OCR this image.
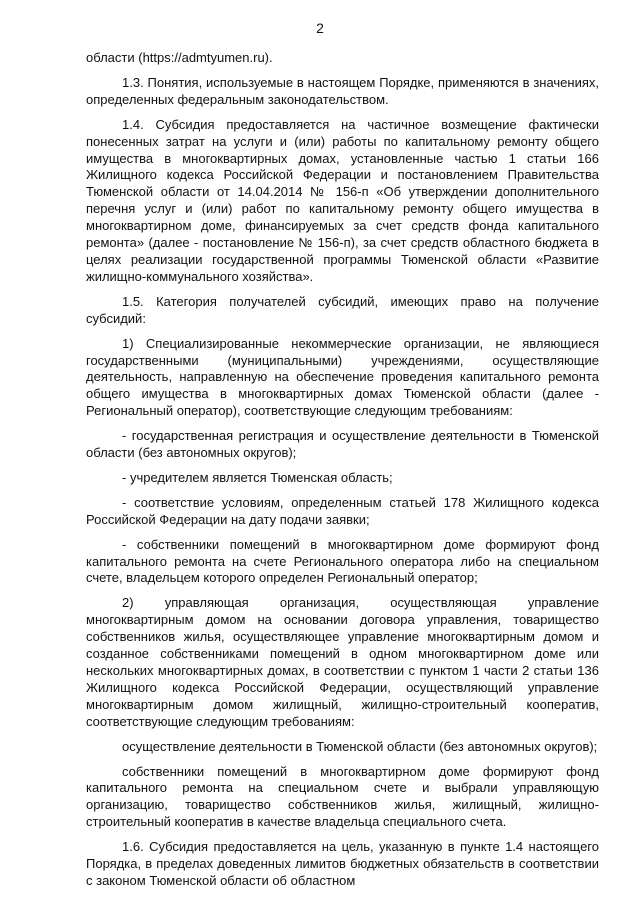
2

области (https://admtyumen.ru).

1.3. Понятия, используемые в настоящем Порядке, применяются в значениях, определенных федеральным законодательством.

1.4. Субсидия предоставляется на частичное возмещение фактически понесенных затрат на услуги и (или) работы по капитальному ремонту общего имущества в многоквартирных домах, установленные частью 1 статьи 166 Жилищного кодекса Российской Федерации и постановлением Правительства Тюменской области от 14.04.2014 № 156-п «Об утверждении дополнительного перечня услуг и (или) работ по капитальному ремонту общего имущества в многоквартирном доме, финансируемых за счет средств фонда капитального ремонта» (далее - постановление № 156-п), за счет средств областного бюджета в целях реализации государственной программы Тюменской области «Развитие жилищно-коммунального хозяйства».

1.5. Категория получателей субсидий, имеющих право на получение субсидий:

1) Специализированные некоммерческие организации, не являющиеся государственными (муниципальными) учреждениями, осуществляющие деятельность, направленную на обеспечение проведения капитального ремонта общего имущества в многоквартирных домах Тюменской области (далее - Региональный оператор), соответствующие следующим требованиям:

- государственная регистрация и осуществление деятельности в Тюменской области (без автономных округов);

- учредителем является Тюменская область;

- соответствие условиям, определенным статьей 178 Жилищного кодекса Российской Федерации на дату подачи заявки;

- собственники помещений в многоквартирном доме формируют фонд капитального ремонта на счете Регионального оператора либо на специальном счете, владельцем которого определен Региональный оператор;

2) управляющая организация, осуществляющая управление многоквартирным домом на основании договора управления, товарищество собственников жилья, осуществляющее управление многоквартирным домом и созданное собственниками помещений в одном многоквартирном доме или нескольких многоквартирных домах, в соответствии с пунктом 1 части 2 статьи 136 Жилищного кодекса Российской Федерации, осуществляющий управление многоквартирным домом жилищный, жилищно-строительный кооператив, соответствующие следующим требованиям:

осуществление деятельности в Тюменской области (без автономных округов);

собственники помещений в многоквартирном доме формируют фонд капитального ремонта на специальном счете и выбрали управляющую организацию, товарищество собственников жилья, жилищный, жилищно-строительный кооператив в качестве владельца специального счета.

1.6. Субсидия предоставляется на цель, указанную в пункте 1.4 настоящего Порядка, в пределах доведенных лимитов бюджетных обязательств в соответствии с законом Тюменской области об областном
